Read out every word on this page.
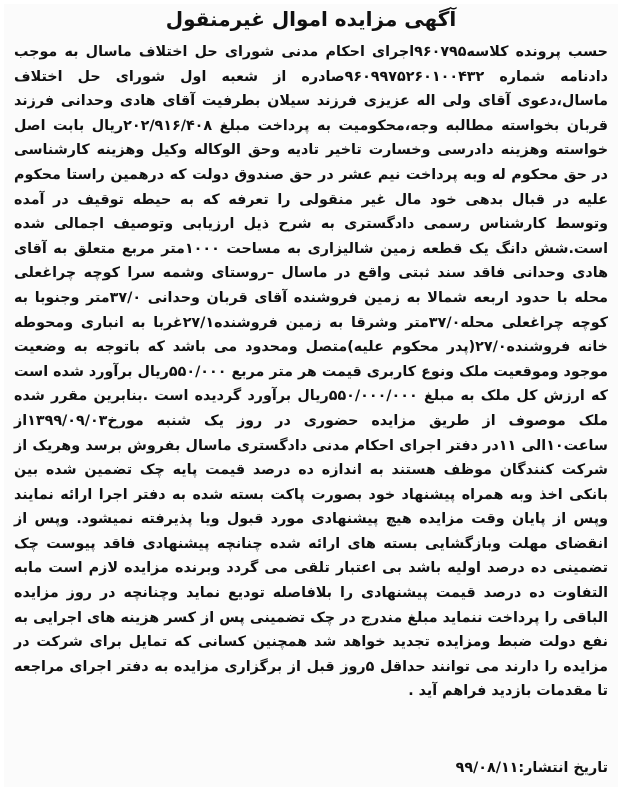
آگهی مزایده اموال غیرمنقول

حسب پرونده کلاسه۹۶۰۷۹۵اجرای احکام مدنی شورای حل اختلاف ماسال به موجب دادنامه شماره ۹۶۰۹۹۷۵۲۶۰۱۰۰۴۳۲صادره از شعبه اول شورای حل اختلاف ماسال،دعوی آقای ولی اله عزیزی فرزند سیلان بطرفیت آقای هادی وحدانی فرزند قربان بخواسته مطالبه وجه،محکومیت به پرداخت مبلغ ۲۰۲/۹۱۶/۴۰۸ریال بابت اصل خواسته وهزینه دادرسی وخسارت تاخیر تادیه وحق الوکاله وکیل وهزینه کارشناسی در حق محکوم له وبه پرداخت نیم عشر در حق صندوق دولت که درهمین راستا محکوم علیه در قبال بدهی خود مال غیر منقولی را تعرفه که به حیطه توقیف در آمده وتوسط کارشناس رسمی دادگستری به شرح ذیل ارزیابی وتوصیف اجمالی شده است.شش دانگ یک قطعه زمین شالیزاری به مساحت ۱۰۰۰متر مربع متعلق به آقای هادی وحدانی فاقد سند ثبتی واقع در ماسال –روستای وشمه سرا کوچه چراغعلی محله با حدود اربعه شمالا به زمین فروشنده آقای قربان وحدانی ۳۷/۰متر وجنوبا به کوچه چراغعلی محله۳۷/۰متر وشرقا به زمین فروشنده۲۷/۱غربا به انباری ومحوطه خانه فروشنده۲۷/۰(پدر محکوم علیه)متصل ومحدود می باشد که باتوجه به وضعیت موجود وموقعیت ملک ونوع کاربری قیمت هر متر مربع ۵۵۰/۰۰۰ریال برآورد شده است که ارزش کل ملک به مبلغ ۵۵۰/۰۰۰/۰۰۰ریال برآورد گردیده است .بنابرین مقرر شده ملک موصوف از طریق مزایده حضوری در روز یک شنبه مورخ۱۳۹۹/۰۹/۰۳از ساعت۱۰الی ۱۱در دفتر اجرای احکام مدنی دادگستری ماسال بفروش برسد وهریک از شرکت کنندگان موظف هستند به اندازه ده درصد قیمت پایه چک تضمین شده بین بانکی اخذ وبه همراه پیشنهاد خود بصورت پاکت بسته شده به دفتر اجرا ارائه نمایند وپس از پایان وقت مزایده هیچ پیشنهادی مورد قبول ویا پذیرفته نمیشود. وپس از انقضای مهلت وبازگشایی بسته های ارائه شده چنانچه پیشنهادی فاقد پیوست چک تضمینی ده درصد اولیه باشد بی اعتبار تلقی می گردد وبرنده مزایده لازم است مابه التفاوت ده درصد قیمت پیشنهادی را بلافاصله تودیع نماید وچنانچه در روز مزایده الباقی را پرداخت ننماید مبلغ مندرج در چک تضمینی پس از کسر هزینه های اجرایی به نفع دولت ضبط ومزایده تجدید خواهد شد همچنین کسانی که تمایل برای شرکت در مزایده را دارند می توانند حداقل ۵روز قبل از برگزاری مزایده به دفتر اجرای مراجعه تا مقدمات بازدید فراهم آید .

تاریخ انتشار:۹۹/۰۸/۱۱
